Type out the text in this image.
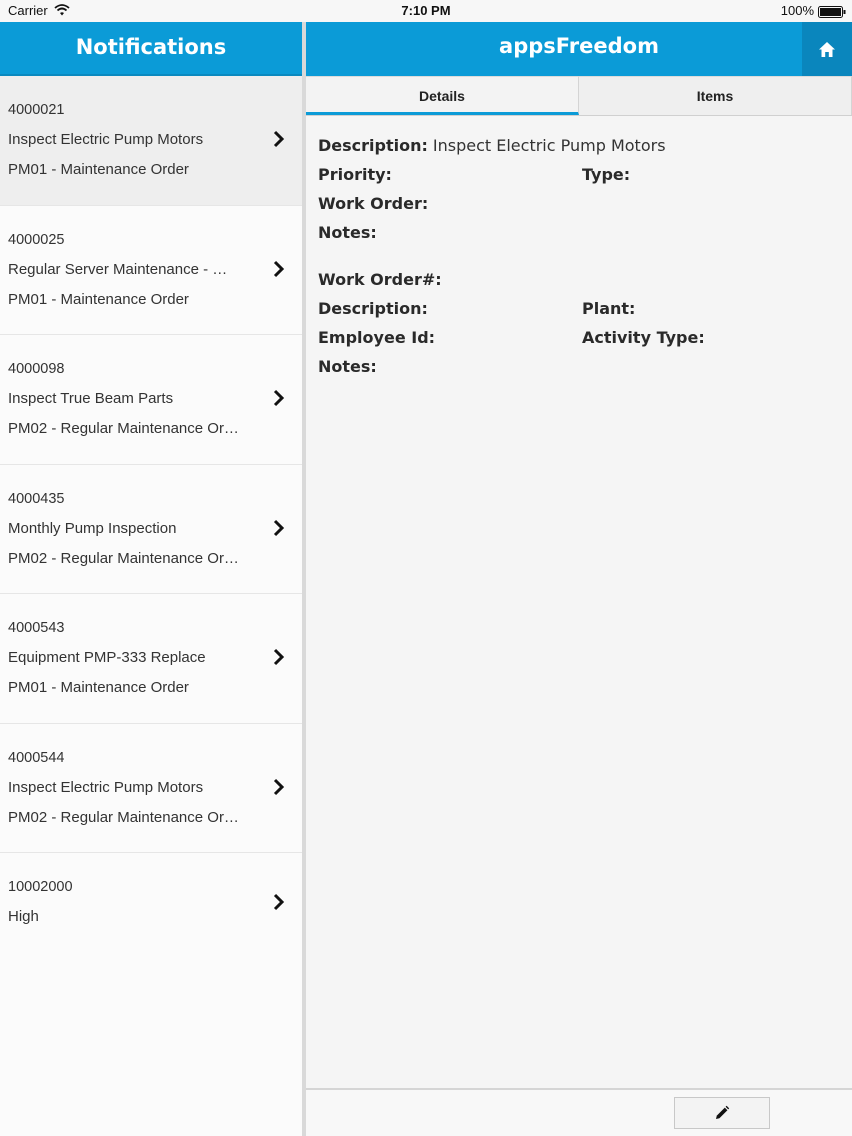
Carrier	7:10 PM	100%
Notifications
4000021
Inspect Electric Pump Motors
PM01 - Maintenance Order
4000025
Regular Server Maintenance - …
PM01 - Maintenance Order
4000098
Inspect True Beam Parts
PM02 - Regular Maintenance Or…
4000435
Monthly Pump Inspection
PM02 - Regular Maintenance Or…
4000543
Equipment PMP-333 Replace
PM01 - Maintenance Order
4000544
Inspect Electric Pump Motors
PM02 - Regular Maintenance Or…
10002000
High
appsFreedom
Details	Items
Description: Inspect Electric Pump Motors
Priority:	Type:
Work Order:
Notes:
Work Order#:
Description:	Plant:
Employee Id:	Activity Type:
Notes:
